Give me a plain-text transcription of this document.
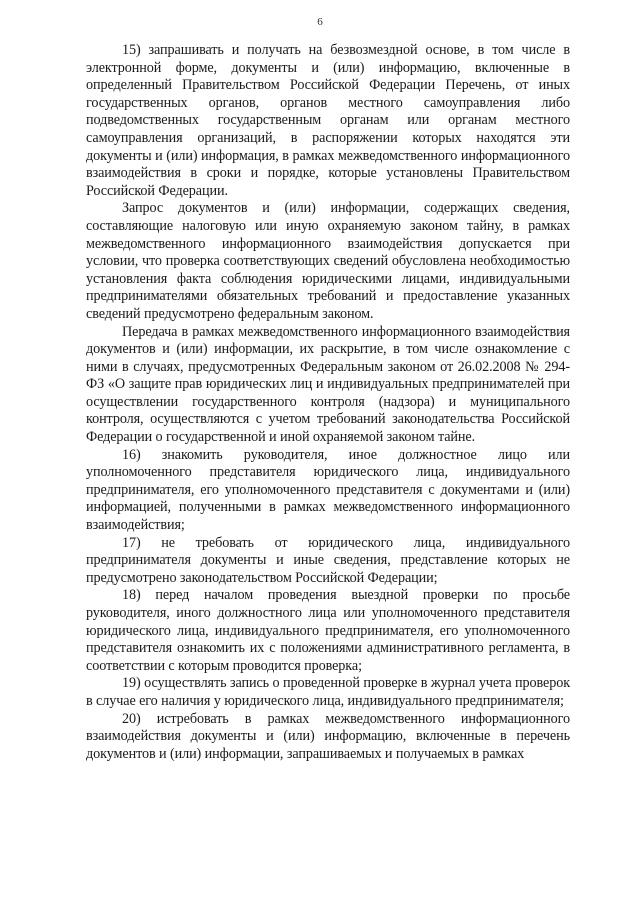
6

15) запрашивать и получать на безвозмездной основе, в том числе в электронной форме, документы и (или) информацию, включенные в определенный Правительством Российской Федерации Перечень, от иных государственных органов, органов местного самоуправления либо подведомственных государственным органам или органам местного самоуправления организаций, в распоряжении которых находятся эти документы и (или) информация, в рамках межведомственного информационного взаимодействия в сроки и порядке, которые установлены Правительством Российской Федерации.

Запрос документов и (или) информации, содержащих сведения, составляющие налоговую или иную охраняемую законом тайну, в рамках межведомственного информационного взаимодействия допускается при условии, что проверка соответствующих сведений обусловлена необходимостью установления факта соблюдения юридическими лицами, индивидуальными предпринимателями обязательных требований и предоставление указанных сведений предусмотрено федеральным законом.

Передача в рамках межведомственного информационного взаимодействия документов и (или) информации, их раскрытие, в том числе ознакомление с ними в случаях, предусмотренных Федеральным законом от 26.02.2008 № 294-ФЗ «О защите прав юридических лиц и индивидуальных предпринимателей при осуществлении государственного контроля (надзора) и муниципального контроля, осуществляются с учетом требований законодательства Российской Федерации о государственной и иной охраняемой законом тайне.

16) знакомить руководителя, иное должностное лицо или уполномоченного представителя юридического лица, индивидуального предпринимателя, его уполномоченного представителя с документами и (или) информацией, полученными в рамках межведомственного информационного взаимодействия;

17) не требовать от юридического лица, индивидуального предпринимателя документы и иные сведения, представление которых не предусмотрено законодательством Российской Федерации;

18) перед началом проведения выездной проверки по просьбе руководителя, иного должностного лица или уполномоченного представителя юридического лица, индивидуального предпринимателя, его уполномоченного представителя ознакомить их с положениями административного регламента, в соответствии с которым проводится проверка;

19) осуществлять запись о проведенной проверке в журнал учета проверок в случае его наличия у юридического лица, индивидуального предпринимателя;

20) истребовать в рамках межведомственного информационного взаимодействия документы и (или) информацию, включенные в перечень документов и (или) информации, запрашиваемых и получаемых в рамках
